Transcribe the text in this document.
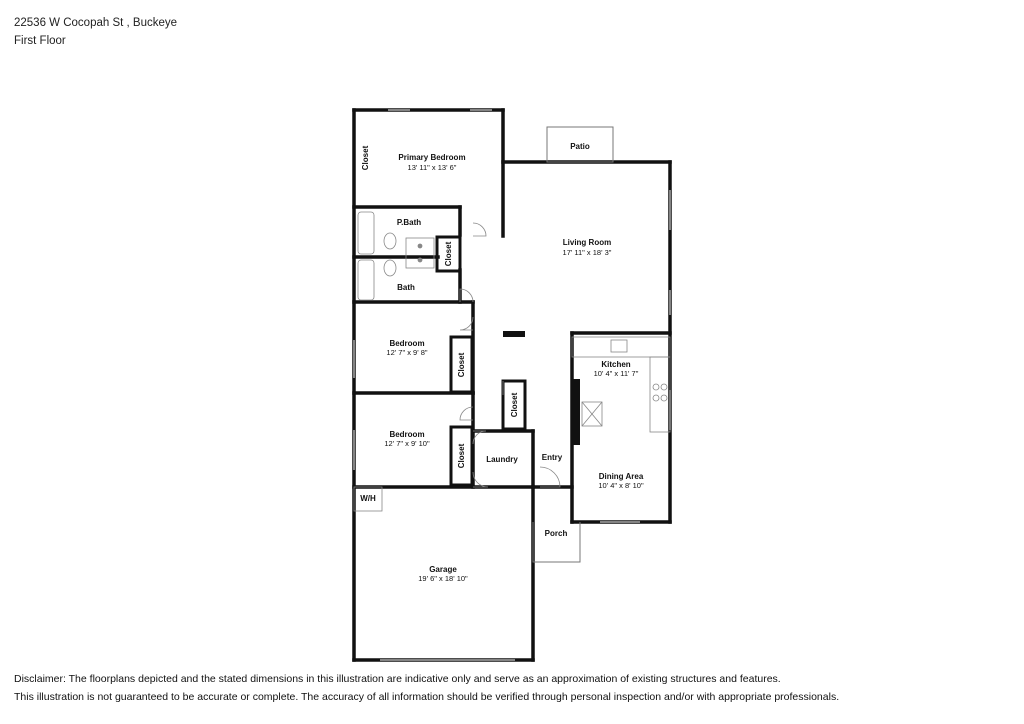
22536 W Cocopah St , Buckeye
First Floor
Primary Bedroom
13' 11" x 13' 6"
Patio
Living Room
17' 11" x 18' 3"
P.Bath
Bath
Bedroom
12' 7" x 9' 8"
Bedroom
12' 7" x 9' 10"
Kitchen
10' 4" x 11' 7"
Laundry	Entry
Dining Area
10' 4" x 8' 10"
W/H
Porch
Garage
19' 6" x 18' 10"
Closet
Closet
Closet
Closet
Closet
Disclaimer: The floorplans depicted and the stated dimensions in this illustration are indicative only and serve as an approximation of existing structures and features.
This illustration is not guaranteed to be accurate or complete. The accuracy of all information should be verified through personal inspection and/or with appropriate professionals.
